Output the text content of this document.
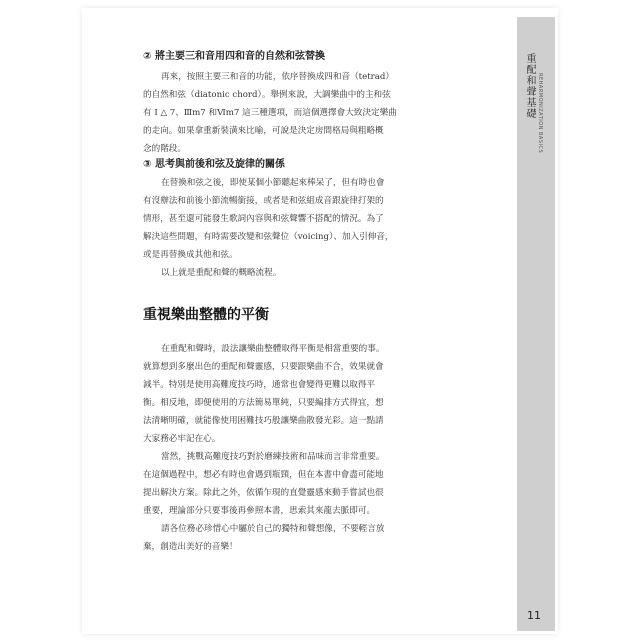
重配和聲基礎 REHARMONIZATION BASICS
11

② 將主要三和音用四和音的自然和弦替換

再來，按照主要三和音的功能，依序替換成四和音（tetrad）
的自然和弦（diatonic chord）。舉例來說，大調樂曲中的主和弦
有 I △ 7、Ⅲm7 和Ⅵm7 這三種選項，而這個選擇會大致決定樂曲
的走向。如果拿重新裝潢來比喻，可說是決定房間格局與粗略概
念的階段。

③ 思考與前後和弦及旋律的關係

在替換和弦之後，即使某個小節聽起來棒呆了，但有時也會
有沒辦法和前後小節流暢銜接，或者是和弦組成音跟旋律打架的
情形，甚至還可能發生歌詞內容與和弦聲響不搭配的情況。為了
解決這些問題，有時需要改變和弦聲位（voicing）、加入引伸音，
或是再替換成其他和弦。
以上就是重配和聲的概略流程。
重視樂曲整體的平衡
在重配和聲時，設法讓樂曲整體取得平衡是相當重要的事。
就算想到多麼出色的重配和聲靈感，只要跟樂曲不合，效果就會
減半。特別是使用高難度技巧時，通常也會變得更難以取得平
衡。相反地，即便使用的方法簡易單純，只要編排方式得宜，想
法清晰明確，就能像使用困難技巧般讓樂曲散發光彩。這一點請
大家務必牢記在心。
當然，挑戰高難度技巧對於磨練技術和品味而言非常重要。
在這個過程中，想必有時也會遇到瓶頸，但在本書中會盡可能地
提出解決方案。除此之外，依循乍現的直覺靈感來動手嘗試也很
重要，理論部分只要事後再參照本書，思索其來龍去脈即可。
請各位務必珍惜心中屬於自己的獨特和聲想像，不要輕言放
棄，創造出美好的音樂！
